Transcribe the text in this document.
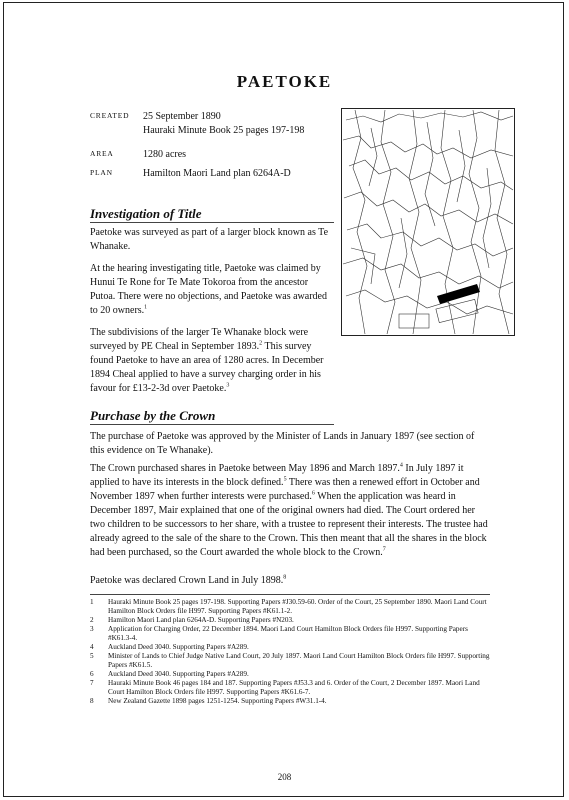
PAETOKE
CREATED 25 September 1890
Hauraki Minute Book 25 pages 197-198
AREA	1280 acres
PLAN	Hamilton Maori Land plan 6264A-D
Investigation of Title
Paetoke was surveyed as part of a larger block known as Te Whanake.
At the hearing investigating title, Paetoke was claimed by Hunui Te Rone for Te Mate Tokoroa from the ancestor Putoa. There were no objections, and Paetoke was awarded to 20 owners.$^1$
The subdivisions of the larger Te Whanake block were surveyed by PE Cheal in September 1893.$^2$ This survey found Paetoke to have an area of 1280 acres. In December 1894 Cheal applied to have a survey charging order in his favour for £13-2-3d over Paetoke.$^3$
Purchase by the Crown
The purchase of Paetoke was approved by the Minister of Lands in January 1897 (see section of this evidence on Te Whanake).
The Crown purchased shares in Paetoke between May 1896 and March 1897.$^4$ In July 1897 it applied to have its interests in the block defined.$^5$ There was then a renewed effort in October and November 1897 when further interests were purchased.$^6$ When the application was heard in December 1897, Mair explained that one of the original owners had died. The Court ordered her two children to be successors to her share, with a trustee to represent their interests. The trustee had already agreed to the sale of the share to the Crown. This then meant that all the shares in the block had been purchased, so the Court awarded the whole block to the Crown.$^7$
Paetoke was declared Crown Land in July 1898.$^8$
1 Hauraki Minute Book 25 pages 197-198. Supporting Papers #J30.59-60. Order of the Court, 25 September 1890. Maori Land Court Hamilton Block Orders file H997. Supporting Papers #K61.1-2.
2 Hamilton Maori Land plan 6264A-D. Supporting Papers #N203.
3 Application for Charging Order, 22 December 1894. Maori Land Court Hamilton Block Orders file H997. Supporting Papers #K61.3-4.
4 Auckland Deed 3040. Supporting Papers #A289.
5 Minister of Lands to Chief Judge Native Land Court, 20 July 1897. Maori Land Court Hamilton Block Orders file H997. Supporting Papers #K61.5.
6 Auckland Deed 3040. Supporting Papers #A289.
7 Hauraki Minute Book 46 pages 184 and 187. Supporting Papers #J53.3 and 6. Order of the Court, 2 December 1897. Maori Land Court Hamilton Block Orders file H997. Supporting Papers #K61.6-7.
8 New Zealand Gazette 1898 pages 1251-1254. Supporting Papers #W31.1-4.
208
